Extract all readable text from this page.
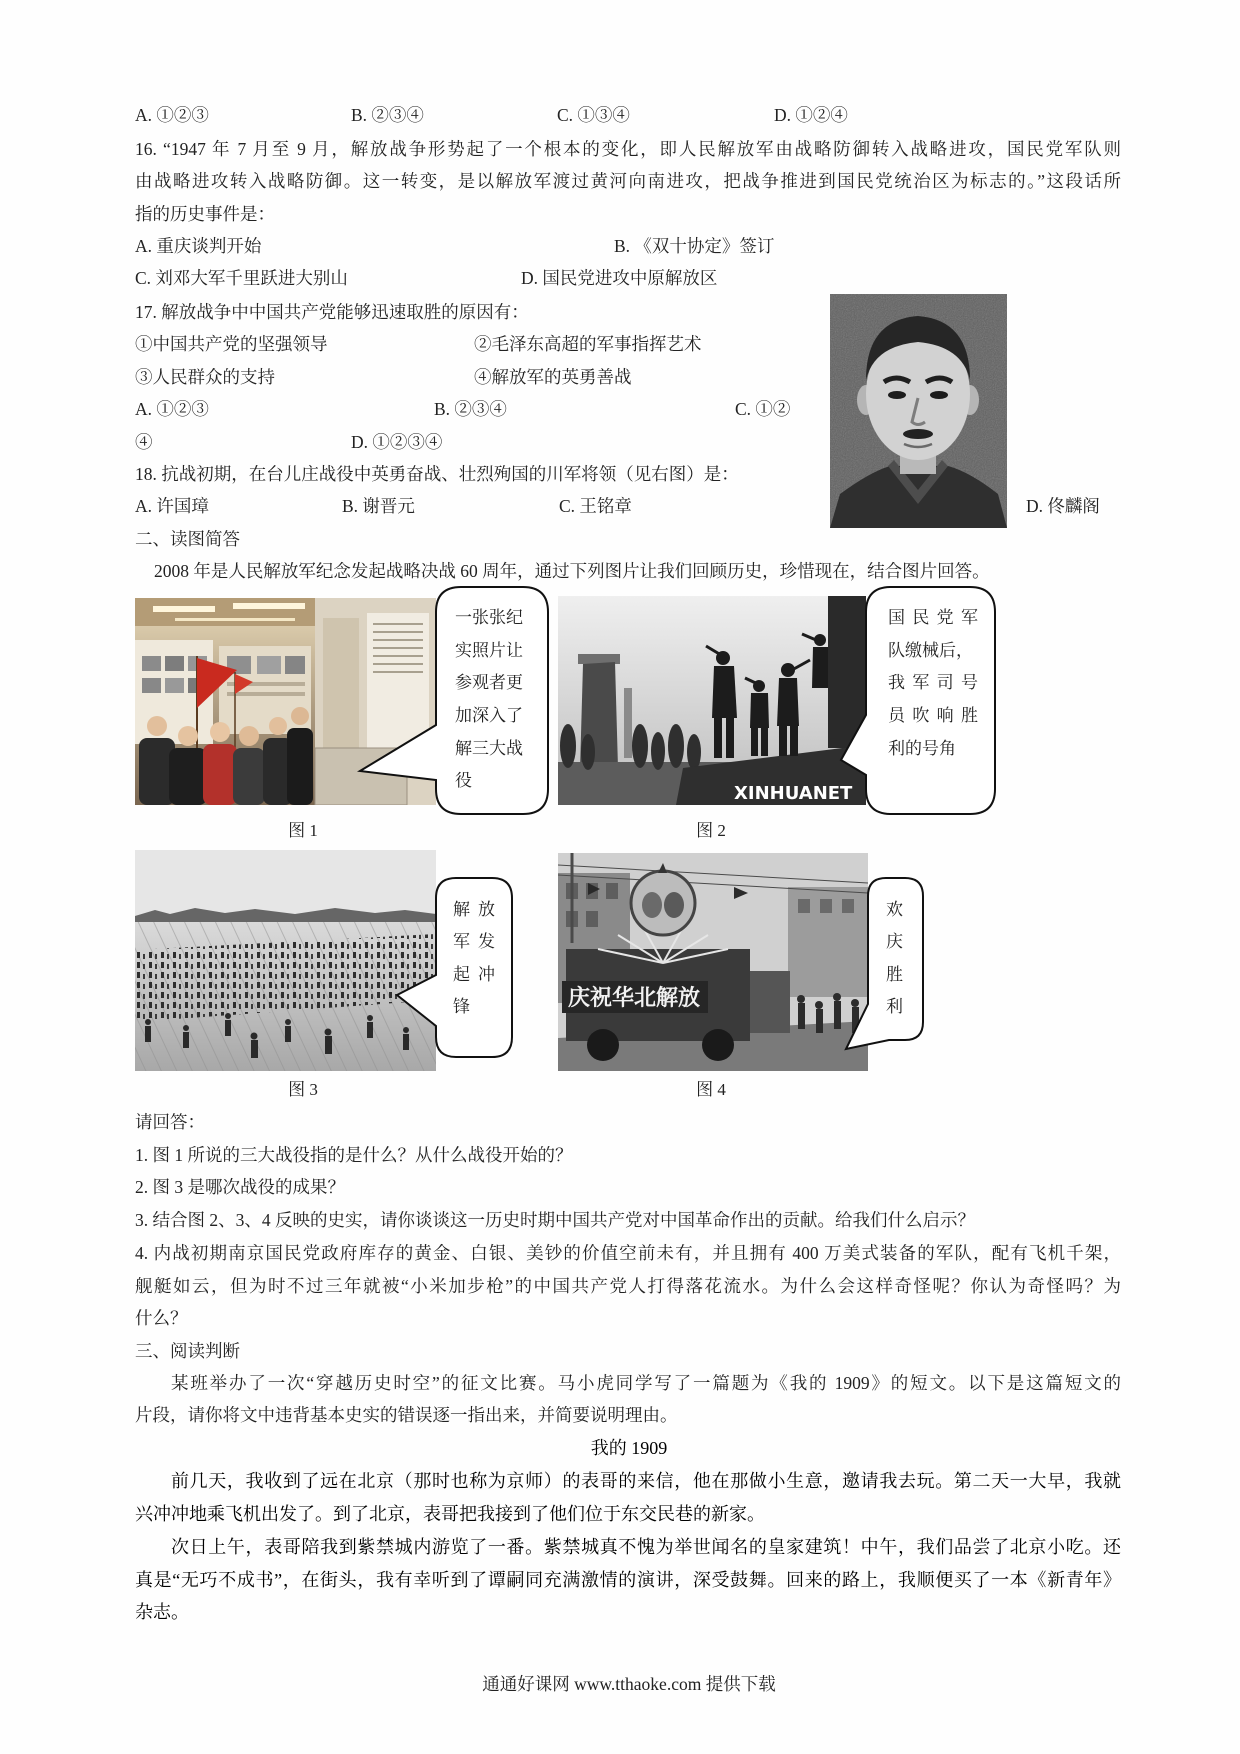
A. ①②③	B. ②③④	C. ①③④	D. ①②④
16. “1947 年 7 月至 9 月，解放战争形势起了一个根本的变化，即人民解放军由战略防御转入战略进攻，国民党军队则
由战略进攻转入战略防御。这一转变，是以解放军渡过黄河向南进攻，把战争推进到国民党统治区为标志的。”这段话所
指的历史事件是：
A. 重庆谈判开始	B. 《双十协定》签订
C. 刘邓大军千里跃进大别山	D. 国民党进攻中原解放区
17. 解放战争中中国共产党能够迅速取胜的原因有：
①中国共产党的坚强领导	②毛泽东高超的军事指挥艺术
③人民群众的支持	④解放军的英勇善战
A. ①②③	B. ②③④	C. ①②
④	D. ①②③④
18. 抗战初期，在台儿庄战役中英勇奋战、壮烈殉国的川军将领（见右图）是：
A. 许国璋	B. 谢晋元	C. 王铭章	D. 佟麟阁
二、读图简答
2008 年是人民解放军纪念发起战略决战 60 周年，通过下列图片让我们回顾历史，珍惜现在，结合图片回答。
XINHUANET
庆祝华北解放
一张张纪
实照片让
参观者更
加深入了
解三大战
役
国民党军
队缴械后，
我军司号
员吹响胜
利的号角
解放
军发
起冲
锋
欢
庆
胜
利
图 1	图 2
图 3	图 4
请回答：
1. 图 1 所说的三大战役指的是什么？从什么战役开始的？
2. 图 3 是哪次战役的成果？
3. 结合图 2、3、4 反映的史实，请你谈谈这一历史时期中国共产党对中国革命作出的贡献。给我们什么启示？
4. 内战初期南京国民党政府库存的黄金、白银、美钞的价值空前未有，并且拥有 400 万美式装备的军队，配有飞机千架，
舰艇如云，但为时不过三年就被“小米加步枪”的中国共产党人打得落花流水。为什么会这样奇怪呢？你认为奇怪吗？为
什么？
三、阅读判断
某班举办了一次“穿越历史时空”的征文比赛。马小虎同学写了一篇题为《我的 1909》的短文。以下是这篇短文的
片段，请你将文中违背基本史实的错误逐一指出来，并简要说明理由。
我的 1909
前几天，我收到了远在北京（那时也称为京师）的表哥的来信，他在那做小生意，邀请我去玩。第二天一大早，我就
兴冲冲地乘飞机出发了。到了北京，表哥把我接到了他们位于东交民巷的新家。
次日上午，表哥陪我到紫禁城内游览了一番。紫禁城真不愧为举世闻名的皇家建筑！中午，我们品尝了北京小吃。还
真是“无巧不成书”，在街头，我有幸听到了谭嗣同充满激情的演讲，深受鼓舞。回来的路上，我顺便买了一本《新青年》
杂志。
通通好课网 www.tthaoke.com 提供下载
